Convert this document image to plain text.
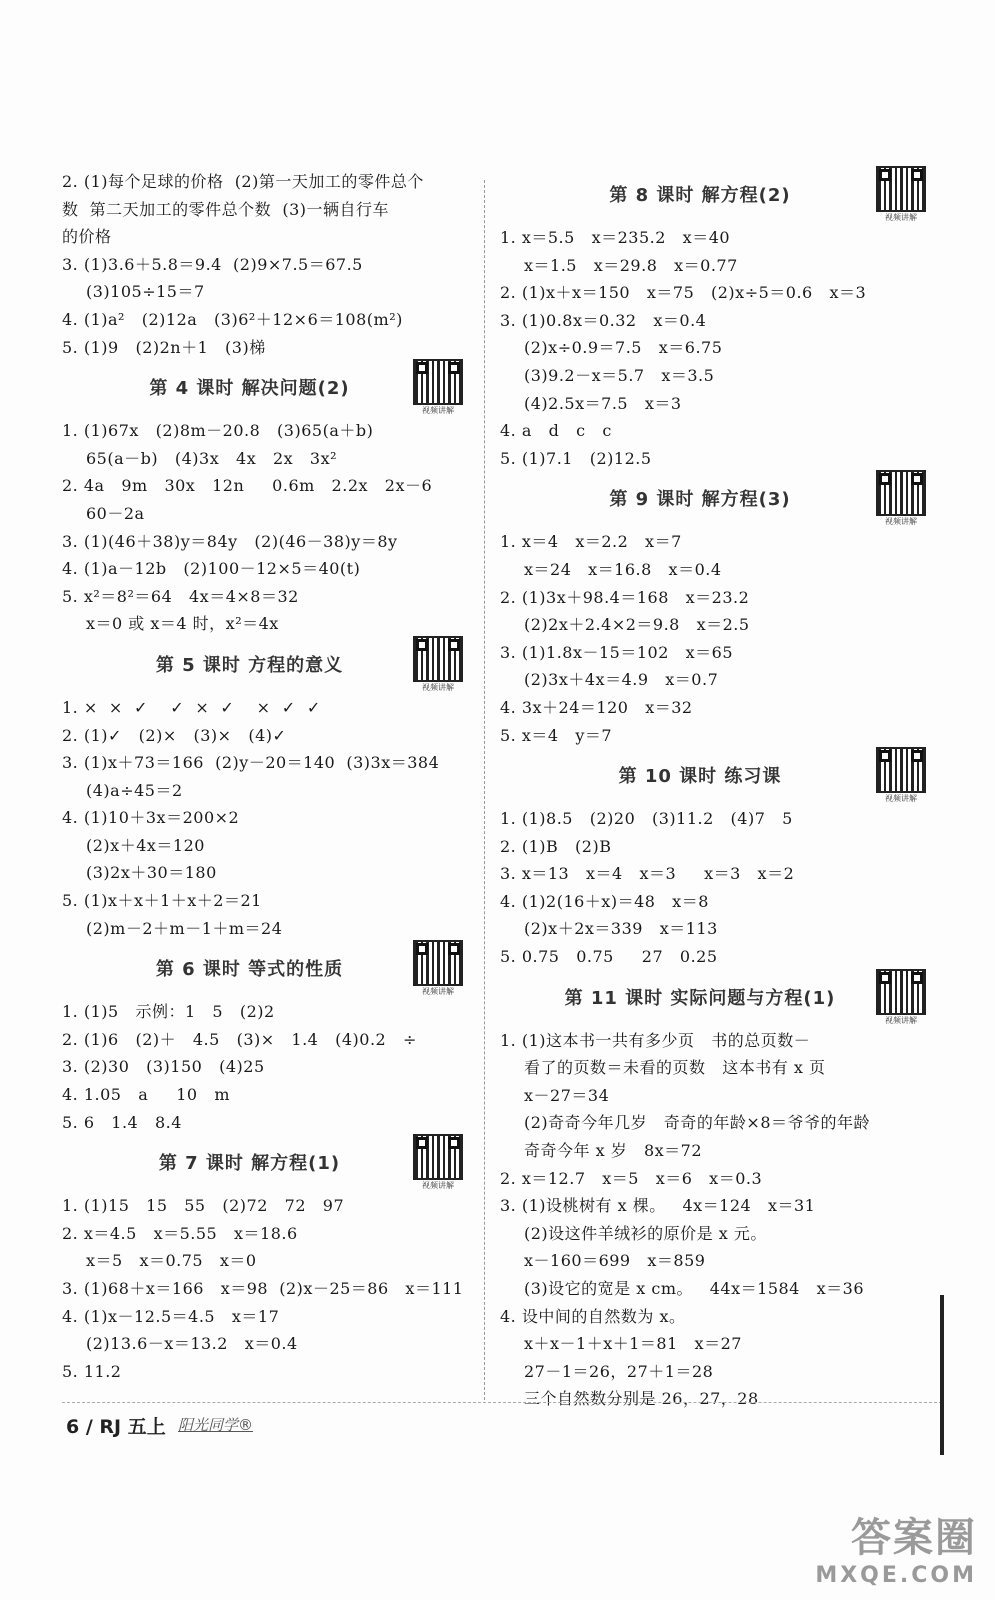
2. (1)每个足球的价格  (2)第一天加工的零件总个
数  第二天加工的零件总个数  (3)一辆自行车
的价格
3. (1)3.6＋5.8＝9.4  (2)9×7.5＝67.5
(3)105÷15＝7
4. (1)a²   (2)12a   (3)6²＋12×6＝108(m²)
5. (1)9   (2)2n＋1   (3)梯
第 4 课时 解决问题(2)
视频讲解
1. (1)67x   (2)8m－20.8   (3)65(a＋b)
65(a－b)   (4)3x   4x   2x   3x²
2. 4a   9m   30x   12n     0.6m   2.2x   2x－6
60－2a
3. (1)(46＋38)y＝84y   (2)(46－38)y＝8y
4. (1)a－12b   (2)100－12×5＝40(t)
5. x²＝8²＝64   4x＝4×8＝32
x＝0 或 x＝4 时，x²＝4x
第 5 课时 方程的意义
视频讲解
1. ×  ×  ✓    ✓  ×  ✓    ×  ✓  ✓
2. (1)✓   (2)×   (3)×   (4)✓
3. (1)x＋73＝166  (2)y－20＝140  (3)3x＝384
(4)a÷45＝2
4. (1)10＋3x＝200×2
(2)x＋4x＝120
(3)2x＋30＝180
5. (1)x＋x＋1＋x＋2＝21
(2)m－2＋m－1＋m＝24
第 6 课时 等式的性质
视频讲解
1. (1)5   示例：1   5   (2)2
2. (1)6   (2)＋   4.5   (3)×   1.4   (4)0.2   ÷
3. (2)30   (3)150   (4)25
4. 1.05   a     10   m
5. 6   1.4   8.4
第 7 课时 解方程(1)
视频讲解
1. (1)15   15   55   (2)72   72   97
2. x＝4.5   x＝5.55   x＝18.6
x＝5   x＝0.75   x＝0
3. (1)68＋x＝166   x＝98  (2)x－25＝86   x＝111
4. (1)x－12.5＝4.5   x＝17
(2)13.6－x＝13.2   x＝0.4
5. 11.2
第 8 课时 解方程(2)
视频讲解
1. x＝5.5   x＝235.2   x＝40
x＝1.5   x＝29.8   x＝0.77
2. (1)x＋x＝150   x＝75   (2)x÷5＝0.6   x＝3
3. (1)0.8x＝0.32   x＝0.4
(2)x÷0.9＝7.5   x＝6.75
(3)9.2－x＝5.7   x＝3.5
(4)2.5x＝7.5   x＝3
4. a   d   c   c
5. (1)7.1   (2)12.5
第 9 课时 解方程(3)
视频讲解
1. x＝4   x＝2.2   x＝7
x＝24   x＝16.8   x＝0.4
2. (1)3x＋98.4＝168   x＝23.2
(2)2x＋2.4×2＝9.8   x＝2.5
3. (1)1.8x－15＝102   x＝65
(2)3x＋4x＝4.9   x＝0.7
4. 3x＋24＝120   x＝32
5. x＝4   y＝7
第 10 课时 练习课
视频讲解
1. (1)8.5   (2)20   (3)11.2   (4)7   5
2. (1)B   (2)B
3. x＝13   x＝4   x＝3     x＝3   x＝2
4. (1)2(16＋x)＝48   x＝8
(2)x＋2x＝339   x＝113
5. 0.75   0.75     27   0.25
第 11 课时 实际问题与方程(1)
视频讲解
1. (1)这本书一共有多少页   书的总页数－
看了的页数＝未看的页数   这本书有 x 页
x－27＝34
(2)奇奇今年几岁   奇奇的年龄×8＝爷爷的年龄
奇奇今年 x 岁   8x＝72
2. x＝12.7   x＝5   x＝6   x＝0.3
3. (1)设桃树有 x 棵。   4x＝124   x＝31
(2)设这件羊绒衫的原价是 x 元。
x－160＝699   x＝859
(3)设它的宽是 x cm。   44x＝1584   x＝36
4. 设中间的自然数为 x。
x＋x－1＋x＋1＝81   x＝27
27－1＝26，27＋1＝28
三个自然数分别是 26，27，28
6 / RJ 五上 阳光同学®
答案圈
MXQE.COM
